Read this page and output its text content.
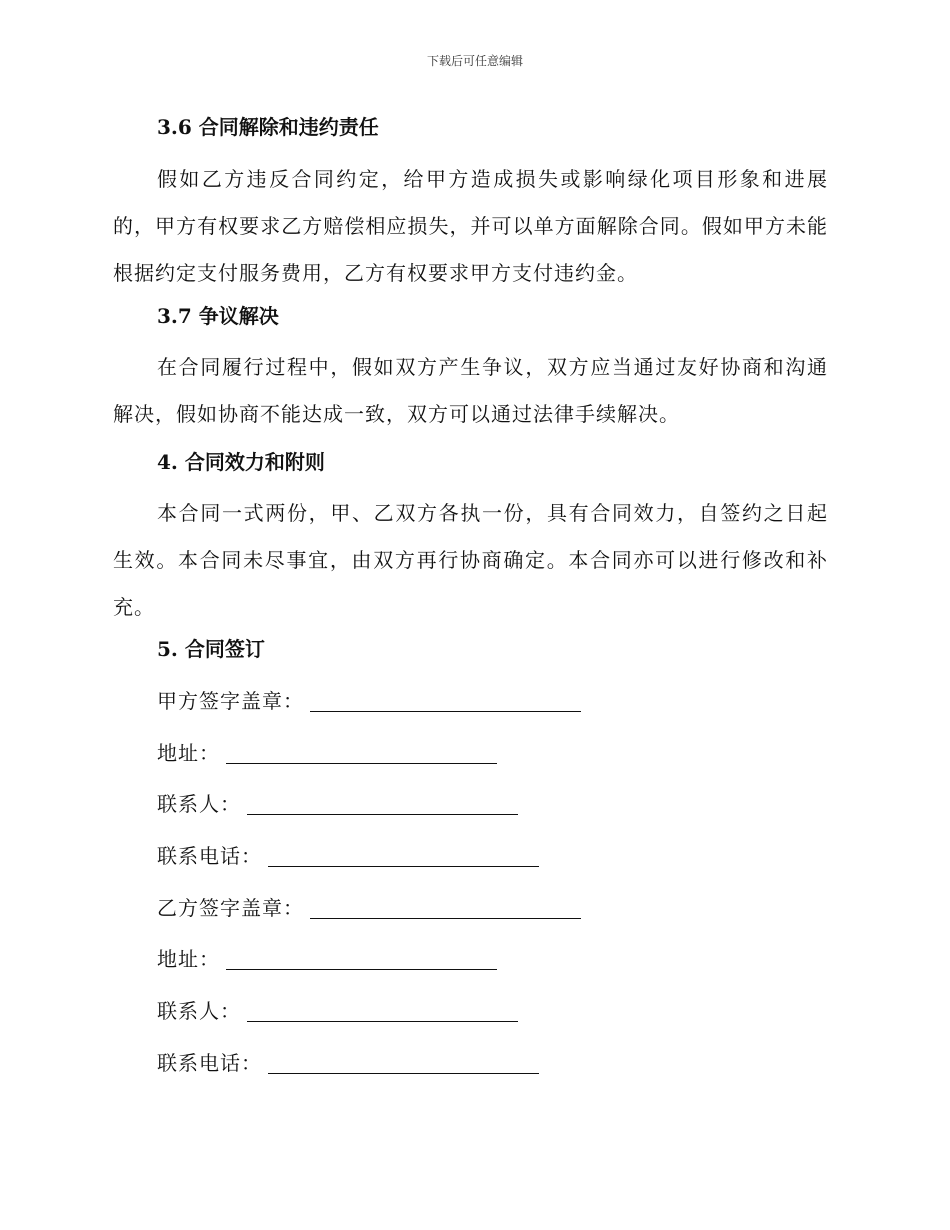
下载后可任意编辑
3.6 合同解除和违约责任

假如乙方违反合同约定，给甲方造成损失或影响绿化项目形象和进展的，甲方有权要求乙方赔偿相应损失，并可以单方面解除合同。假如甲方未能根据约定支付服务费用，乙方有权要求甲方支付违约金。

3.7 争议解决

在合同履行过程中，假如双方产生争议，双方应当通过友好协商和沟通解决，假如协商不能达成一致，双方可以通过法律手续解决。

4. 合同效力和附则

本合同一式两份，甲、乙双方各执一份，具有合同效力，自签约之日起生效。本合同未尽事宜，由双方再行协商确定。本合同亦可以进行修改和补充。

5. 合同签订
甲方签字盖章：
地址：
联系人：
联系电话：
乙方签字盖章：
地址：
联系人：
联系电话：
